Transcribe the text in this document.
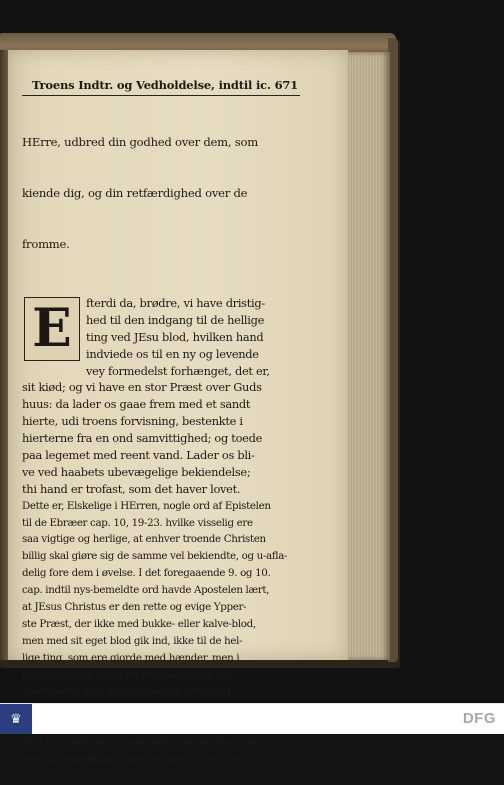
Troens Indtr. og Vedholdelse, indtil ic. 671

HErre, udbred din godhed over dem, som

kiende dig, og din retfærdighed over de

fromme.

E	fterdi da, brødre, vi have dristig-
hed til den indgang til de hellige
ting ved JEsu blod, hvilken hand
indviede os til en ny og levende
vey formedelst forhænget, det er,
sit kiød; og vi have en stor Præst over Guds
huus: da lader os gaae frem med et sandt
hierte, udi troens forvisning, bestenkte i
hierterne fra en ond samvittighed; og toede
paa legemet med reent vand. Lader os bli-
ve ved haabets ubevægelige bekiendelse;
thi hand er trofast, som det haver lovet.
Dette er, Elskelige i HErren, nogle ord af Epistelen
til de Ebræer cap. 10, 19-23. hvilke visselig ere
saa vigtige og herlige, at enhver troende Christen
billig skal giøre sig de samme vel bekiendte, og u-afla-
delig fore dem i øvelse. I det foregaaende 9. og 10.
cap. indtil nys-bemeldte ord havde Apostelen lært,
at JEsus Christus er den rette og evige Ypper-
ste Præst, der ikke med bukke- eller kalve-blod,
men med sit eget blod gik ind, ikke til de hel-
lige ting, som ere giorde med hænder, men i
himmelen selv, fandt en evig forløsning, og
aabenbares altid for Guds ansigt for os; og
at vi nu, saafremt vi i sandhed troe paa ham, tør
med al frimodighed holde os nær til Gud, og til al-
le
♛	DFG
